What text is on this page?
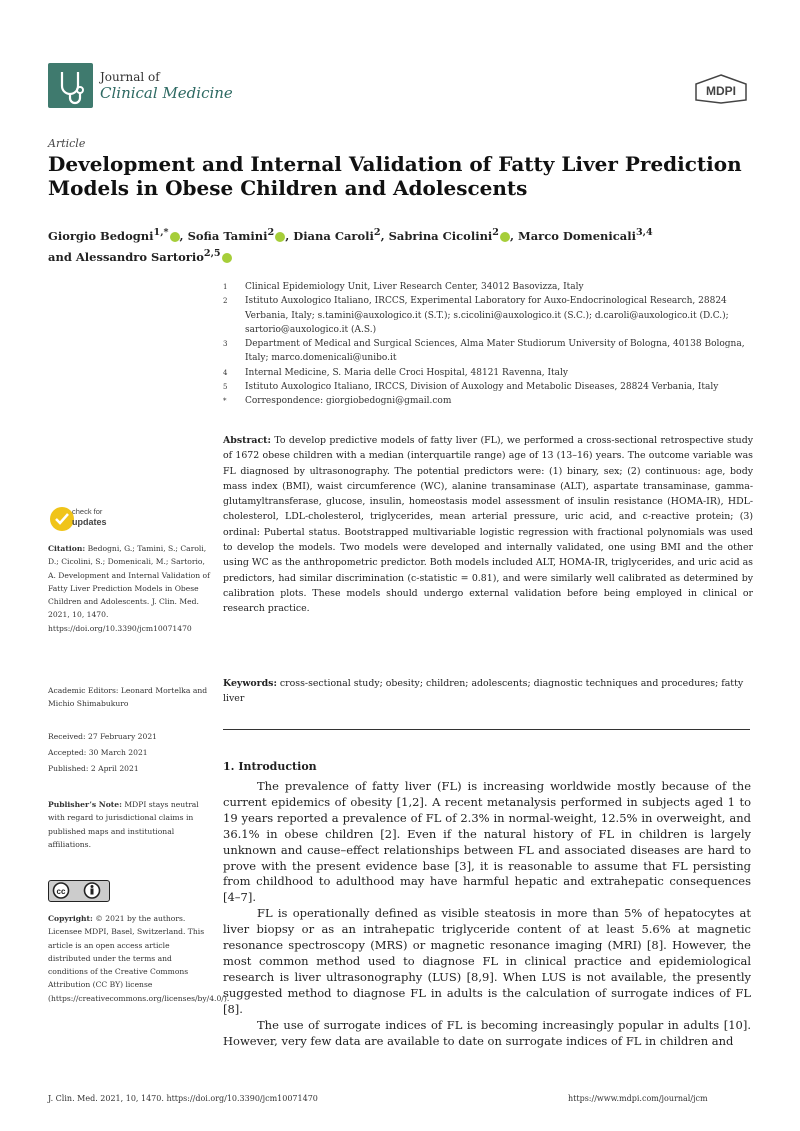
Journal of
Clinical Medicine	MDPI
Article
Development and Internal Validation of Fatty Liver Prediction Models in Obese Children and Adolescents
Giorgio Bedogni$^{1,*}$ , Sofia Tamini$^2$ , Diana Caroli$^2$, Sabrina Cicolini$^2$ , Marco Domenicali$^{3,4}$
and Alessandro Sartorio$^{2,5}$
1	Clinical Epidemiology Unit, Liver Research Center, 34012 Basovizza, Italy
2	Istituto Auxologico Italiano, IRCCS, Experimental Laboratory for Auxo-Endocrinological Research, 28824 Verbania, Italy; s.tamini@auxologico.it (S.T.); s.cicolini@auxologico.it (S.C.); d.caroli@auxologico.it (D.C.); sartorio@auxologico.it (A.S.)
3	Department of Medical and Surgical Sciences, Alma Mater Studiorum University of Bologna, 40138 Bologna, Italy; marco.domenicali@unibo.it
4	Internal Medicine, S. Maria delle Croci Hospital, 48121 Ravenna, Italy
5	Istituto Auxologico Italiano, IRCCS, Division of Auxology and Metabolic Diseases, 28824 Verbania, Italy
*	Correspondence: giorgiobedogni@gmail.com
Abstract: To develop predictive models of fatty liver (FL), we performed a cross-sectional retrospective study of 1672 obese children with a median (interquartile range) age of 13 (13–16) years. The outcome variable was FL diagnosed by ultrasonography. The potential predictors were: (1) binary, sex; (2) continuous: age, body mass index (BMI), waist circumference (WC), alanine transaminase (ALT), aspartate transaminase, gamma-glutamyltransferase, glucose, insulin, homeostasis model assessment of insulin resistance (HOMA-IR), HDL-cholesterol, LDL-cholesterol, triglycerides, mean arterial pressure, uric acid, and c-reactive protein; (3) ordinal: Pubertal status. Bootstrapped multivariable logistic regression with fractional polynomials was used to develop the models. Two models were developed and internally validated, one using BMI and the other using WC as the anthropometric predictor. Both models included ALT, HOMA-IR, triglycerides, and uric acid as predictors, had similar discrimination (c-statistic = 0.81), and were similarly well calibrated as determined by calibration plots. These models should undergo external validation before being employed in clinical or research practice.
Keywords: cross-sectional study; obesity; children; adolescents; diagnostic techniques and procedures; fatty liver
check for
updates
Citation: Bedogni, G.; Tamini, S.; Caroli, D.; Cicolini, S.; Domenicali, M.; Sartorio, A. Development and Internal Validation of Fatty Liver Prediction Models in Obese Children and Adolescents. J. Clin. Med. 2021, 10, 1470. https://doi.org/10.3390/jcm10071470
Academic Editors: Leonard Mortelka and Michio Shimabukuro
Received: 27 February 2021
Accepted: 30 March 2021
Published: 2 April 2021
Publisher’s Note: MDPI stays neutral with regard to jurisdictional claims in published maps and institutional affiliations.
cc
Copyright: © 2021 by the authors. Licensee MDPI, Basel, Switzerland. This article is an open access article distributed under the terms and conditions of the Creative Commons Attribution (CC BY) license (https://creativecommons.org/licenses/by/4.0/).
1. Introduction

The prevalence of fatty liver (FL) is increasing worldwide mostly because of the current epidemics of obesity [1,2]. A recent metanalysis performed in subjects aged 1 to 19 years reported a prevalence of FL of 2.3% in normal-weight, 12.5% in overweight, and 36.1% in obese children [2]. Even if the natural history of FL in children is largely unknown and cause–effect relationships between FL and associated diseases are hard to prove with the present evidence base [3], it is reasonable to assume that FL persisting from childhood to adulthood may have harmful hepatic and extrahepatic consequences [4–7].

FL is operationally defined as visible steatosis in more than 5% of hepatocytes at liver biopsy or as an intrahepatic triglyceride content of at least 5.6% at magnetic resonance spectroscopy (MRS) or magnetic resonance imaging (MRI) [8]. However, the most common method used to diagnose FL in clinical practice and epidemiological research is liver ultrasonography (LUS) [8,9]. When LUS is not available, the presently suggested method to diagnose FL in adults is the calculation of surrogate indices of FL [8].

The use of surrogate indices of FL is becoming increasingly popular in adults [10]. However, very few data are available to date on surrogate indices of FL in children and

J. Clin. Med. 2021, 10, 1470. https://doi.org/10.3390/jcm10071470	https://www.mdpi.com/journal/jcm
